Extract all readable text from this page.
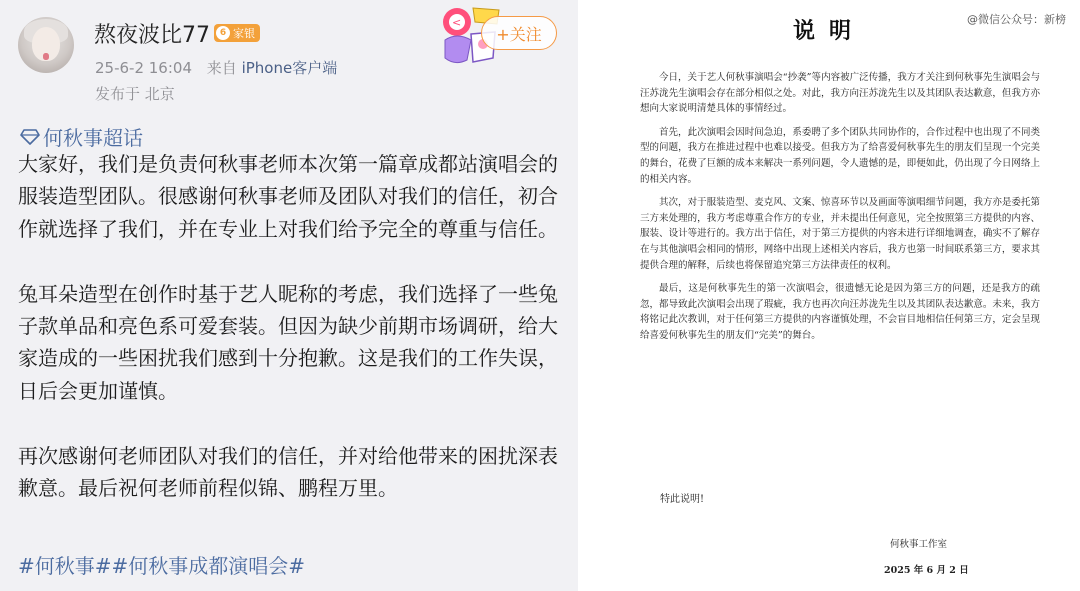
熬夜波比77	6 家银
25-6-2 16:04 来自 iPhone客户端
发布于 北京
<
+关注
何秋事超话

大家好，我们是负责何秋事老师本次第一篇章成都站演唱会的服装造型团队。很感谢何秋事老师及团队对我们的信任，初合作就选择了我们，并在专业上对我们给予完全的尊重与信任。

兔耳朵造型在创作时基于艺人昵称的考虑，我们选择了一些兔子款单品和亮色系可爱套装。但因为缺少前期市场调研，给大家造成的一些困扰我们感到十分抱歉。这是我们的工作失误，日后会更加谨慎。

再次感谢何老师团队对我们的信任，并对给他带来的困扰深表歉意。最后祝何老师前程似锦、鹏程万里。

#何秋事##何秋事成都演唱会#
@微信公众号：新榜
说明

今日，关于艺人何秋事演唱会“抄袭”等内容被广泛传播，我方才关注到何秋事先生演唱会与汪苏泷先生演唱会存在部分相似之处。对此，我方向汪苏泷先生以及其团队表达歉意，但我方亦想向大家说明清楚具体的事情经过。

首先，此次演唱会因时间急迫，系委聘了多个团队共同协作的，合作过程中也出现了不同类型的问题，我方在推进过程中也难以接受。但我方为了给喜爱何秋事先生的朋友们呈现一个完美的舞台，花费了巨额的成本来解决一系列问题，令人遗憾的是，即便如此，仍出现了今日网络上的相关内容。

其次，对于服装造型、麦克风、文案、惊喜环节以及画面等演唱细节问题，我方亦是委托第三方来处理的，我方考虑尊重合作方的专业，并未提出任何意见，完全按照第三方提供的内容、服装、设计等进行的。我方出于信任，对于第三方提供的内容未进行详细地调查，确实不了解存在与其他演唱会相同的情形，网络中出现上述相关内容后，我方也第一时间联系第三方，要求其提供合理的解释，后续也将保留追究第三方法律责任的权利。

最后，这是何秋事先生的第一次演唱会，很遗憾无论是因为第三方的问题，还是我方的疏忽，都导致此次演唱会出现了瑕疵，我方也再次向汪苏泷先生以及其团队表达歉意。未来，我方将铭记此次教训，对于任何第三方提供的内容谨慎处理，不会盲目地相信任何第三方，定会呈现给喜爱何秋事先生的朋友们“完美”的舞台。

特此说明!
何秋事工作室
2025 年 6 月 2 日
